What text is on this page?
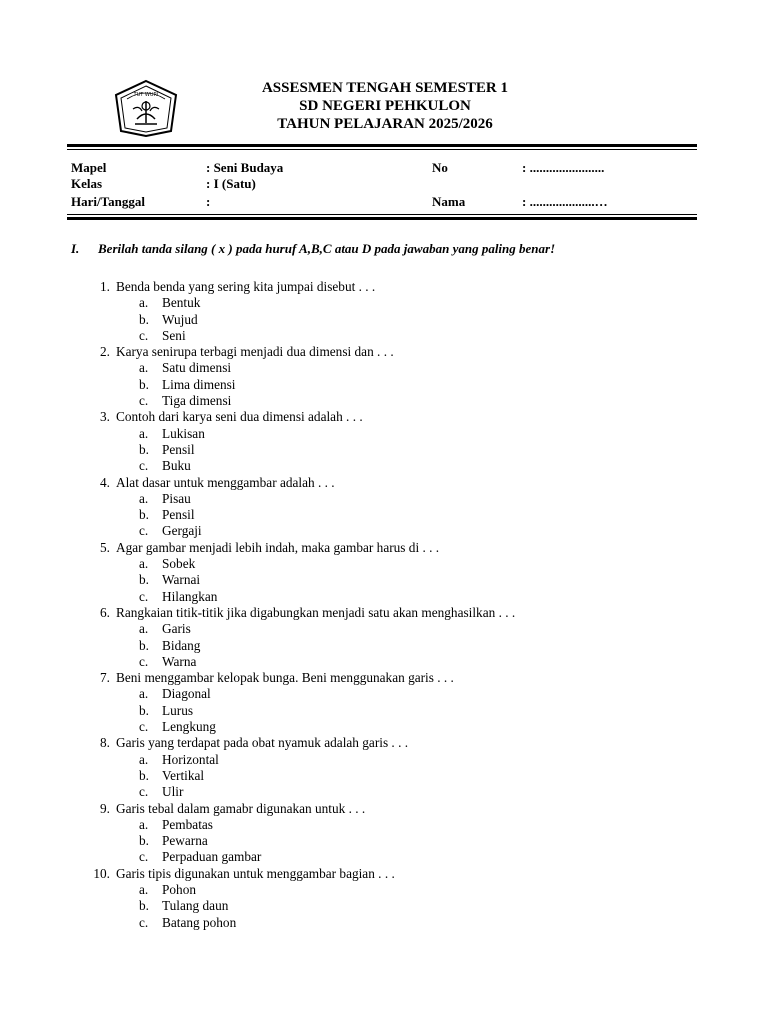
TUT WURI	ASSESMEN TENGAH SEMESTER 1
SD NEGERI PEHKULON
TAHUN PELAJARAN 2025/2026
Mapel	: Seni Budaya	No	: .......................
Kelas	: I (Satu)
Hari/Tanggal	:	Nama	: ....................…
I. Berilah tanda silang ( x ) pada huruf A,B,C atau D pada jawaban yang paling benar!
1. Benda benda yang sering kita jumpai disebut . . .
a. Bentuk
b. Wujud
c. Seni
2. Karya senirupa terbagi menjadi dua dimensi dan . . .
a. Satu dimensi
b. Lima dimensi
c. Tiga dimensi
3. Contoh dari karya seni dua dimensi adalah . . .
a. Lukisan
b. Pensil
c. Buku
4. Alat dasar untuk menggambar adalah . . .
a. Pisau
b. Pensil
c. Gergaji
5. Agar gambar menjadi lebih indah, maka gambar harus di . . .
a. Sobek
b. Warnai
c. Hilangkan
6. Rangkaian titik-titik jika digabungkan menjadi satu akan menghasilkan . . .
a. Garis
b. Bidang
c. Warna
7. Beni menggambar kelopak bunga. Beni menggunakan garis . . .
a. Diagonal
b. Lurus
c. Lengkung
8. Garis yang terdapat pada obat nyamuk adalah garis . . .
a. Horizontal
b. Vertikal
c. Ulir
9. Garis tebal dalam gamabr digunakan untuk . . .
a. Pembatas
b. Pewarna
c. Perpaduan gambar
10. Garis tipis digunakan untuk menggambar bagian . . .
a. Pohon
b. Tulang daun
c. Batang pohon
